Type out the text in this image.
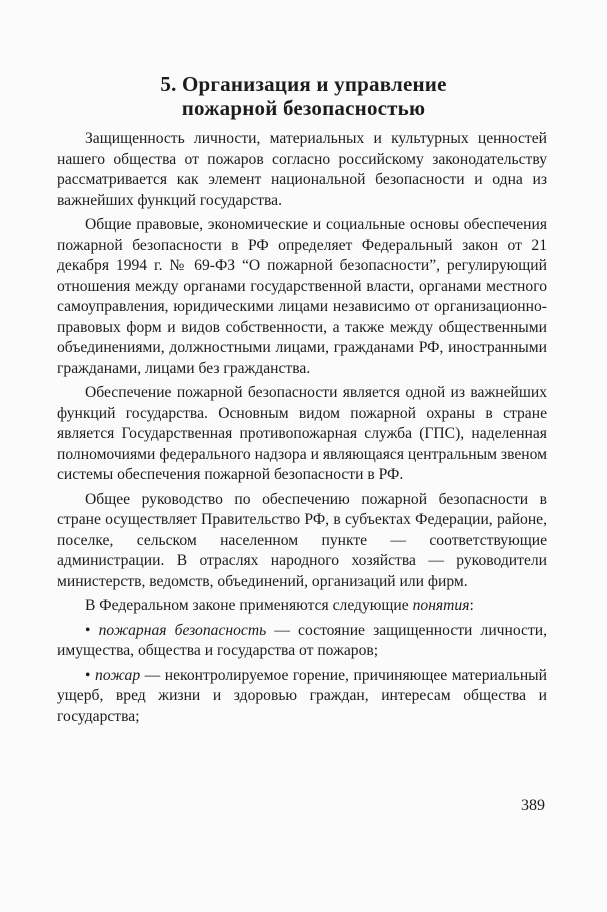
5. Организация и управление
пожарной безопасностью

Защищенность личности, материальных и культурных ценностей нашего общества от пожаров согласно российскому законодательству рассматривается как элемент национальной безопасности и одна из важнейших функций государства.

Общие правовые, экономические и социальные основы обеспечения пожарной безопасности в РФ определяет Федеральный закон от 21 декабря 1994 г. № 69-ФЗ “О пожарной безопасности”, регулирующий отношения между органами государственной власти, органами местного самоуправления, юридическими лицами независимо от организационно-правовых форм и видов собственности, а также между общественными объединениями, должностными лицами, гражданами РФ, иностранными гражданами, лицами без гражданства.

Обеспечение пожарной безопасности является одной из важнейших функций государства. Основным видом пожарной охраны в стране является Государственная противопожарная служба (ГПС), наделенная полномочиями федерального надзора и являющаяся центральным звеном системы обеспечения пожарной безопасности в РФ.

Общее руководство по обеспечению пожарной безопасности в стране осуществляет Правительство РФ, в субъектах Федерации, районе, поселке, сельском населенном пункте — соответствующие администрации. В отраслях народного хозяйства — руководители министерств, ведомств, объединений, организаций или фирм.

В Федеральном законе применяются следующие понятия:

• пожарная безопасность — состояние защищенности личности, имущества, общества и государства от пожаров;

• пожар — неконтролируемое горение, причиняющее материальный ущерб, вред жизни и здоровью граждан, интересам общества и государства;

389
